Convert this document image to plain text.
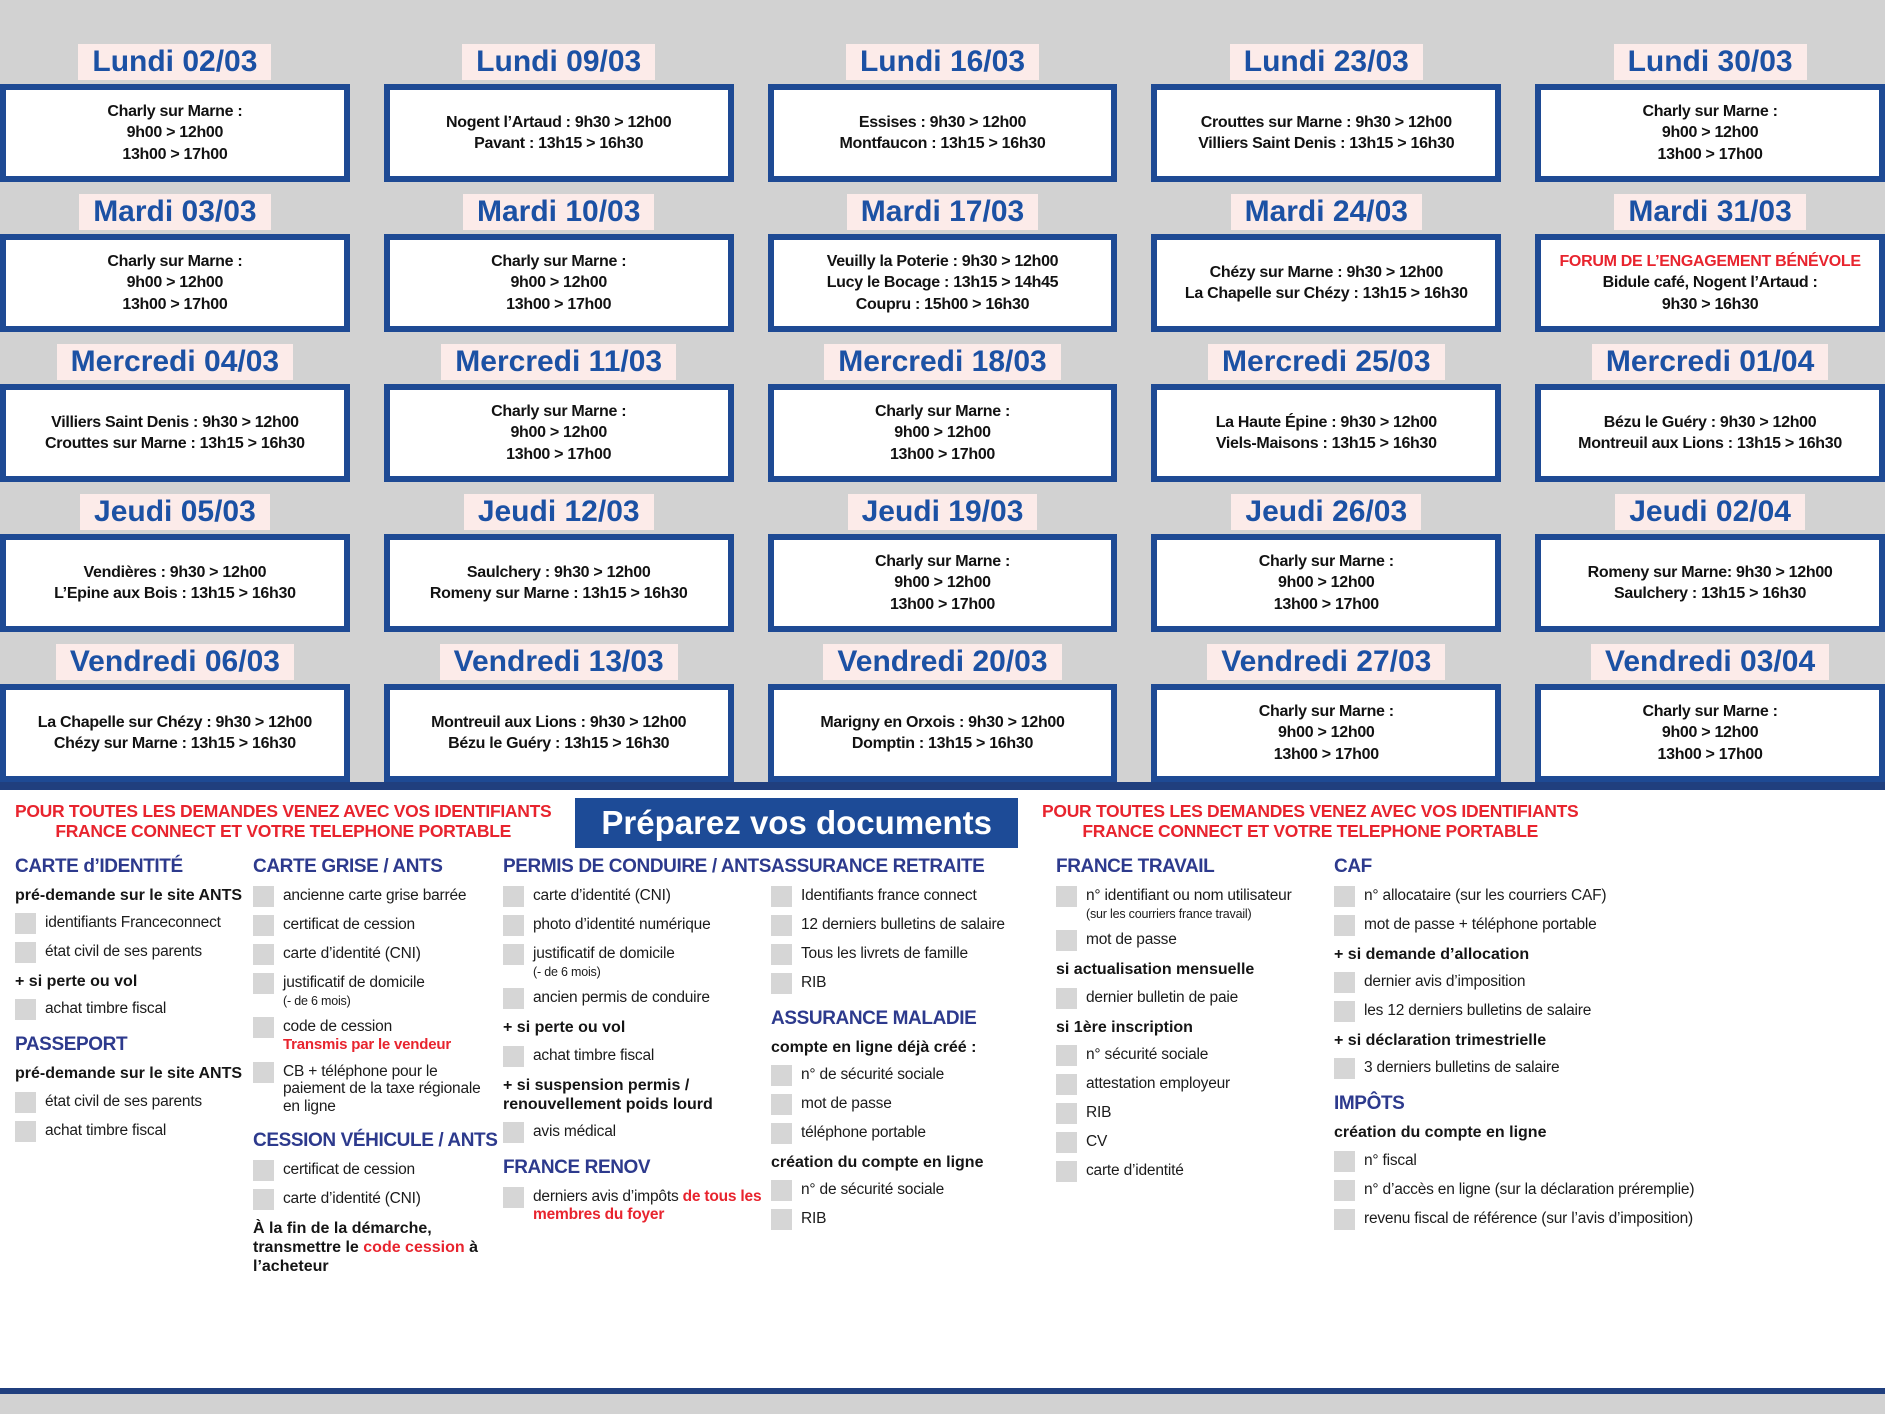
Lundi 02/03
Charly sur Marne :
9h00 > 12h00
13h00 > 17h00
Lundi 09/03
Nogent l’Artaud : 9h30 > 12h00
Pavant : 13h15 > 16h30
Lundi 16/03
Essises : 9h30 > 12h00
Montfaucon : 13h15 > 16h30
Lundi 23/03
Crouttes sur Marne : 9h30 > 12h00
Villiers Saint Denis : 13h15 > 16h30
Lundi 30/03
Charly sur Marne :
9h00 > 12h00
13h00 > 17h00
Mardi 03/03
Charly sur Marne :
9h00 > 12h00
13h00 > 17h00
Mardi 10/03
Charly sur Marne :
9h00 > 12h00
13h00 > 17h00
Mardi 17/03
Veuilly la Poterie : 9h30 > 12h00
Lucy le Bocage : 13h15 > 14h45
Coupru : 15h00 > 16h30
Mardi 24/03
Chézy sur Marne : 9h30 > 12h00
La Chapelle sur Chézy : 13h15 > 16h30
Mardi 31/03
FORUM DE L’ENGAGEMENT BÉNÉVOLE
Bidule café, Nogent l’Artaud :
9h30 > 16h30
Mercredi 04/03
Villiers Saint Denis : 9h30 > 12h00
Crouttes sur Marne : 13h15 > 16h30
Mercredi 11/03
Charly sur Marne :
9h00 > 12h00
13h00 > 17h00
Mercredi 18/03
Charly sur Marne :
9h00 > 12h00
13h00 > 17h00
Mercredi 25/03
La Haute Épine : 9h30 > 12h00
Viels-Maisons : 13h15 > 16h30
Mercredi 01/04
Bézu le Guéry : 9h30 > 12h00
Montreuil aux Lions : 13h15 > 16h30
Jeudi 05/03
Vendières : 9h30 > 12h00
L’Epine aux Bois : 13h15 > 16h30
Jeudi 12/03
Saulchery : 9h30 > 12h00
Romeny sur Marne : 13h15 > 16h30
Jeudi 19/03
Charly sur Marne :
9h00 > 12h00
13h00 > 17h00
Jeudi 26/03
Charly sur Marne :
9h00 > 12h00
13h00 > 17h00
Jeudi 02/04
Romeny sur Marne: 9h30 > 12h00
Saulchery : 13h15 > 16h30
Vendredi 06/03
La Chapelle sur Chézy : 9h30 > 12h00
Chézy sur Marne : 13h15 > 16h30
Vendredi 13/03
Montreuil aux Lions : 9h30 > 12h00
Bézu le Guéry : 13h15 > 16h30
Vendredi 20/03
Marigny en Orxois : 9h30 > 12h00
Domptin : 13h15 > 16h30
Vendredi 27/03
Charly sur Marne :
9h00 > 12h00
13h00 > 17h00
Vendredi 03/04
Charly sur Marne :
9h00 > 12h00
13h00 > 17h00
POUR TOUTES LES DEMANDES VENEZ AVEC VOS IDENTIFIANTS
FRANCE CONNECT ET VOTRE TELEPHONE PORTABLE	Préparez vos documents	POUR TOUTES LES DEMANDES VENEZ AVEC VOS IDENTIFIANTS
FRANCE CONNECT ET VOTRE TELEPHONE PORTABLE
CARTE d’IDENTITÉ
pré-demande sur le site ANTS
identifiants Franceconnect
état civil de ses parents
+ si perte ou vol
achat timbre fiscal
PASSEPORT
pré-demande sur le site ANTS
état civil de ses parents
achat timbre fiscal
CARTE GRISE / ANTS
ancienne carte grise barrée
certificat de cession
carte d’identité (CNI)
justificatif de domicile
(- de 6 mois)
code de cession
Transmis par le vendeur
CB + téléphone pour le paiement de la taxe régionale en ligne
CESSION VÉHICULE / ANTS
certificat de cession
carte d’identité (CNI)
À la fin de la démarche, transmettre le code cession à l’acheteur
PERMIS DE CONDUIRE / ANTS
carte d’identité (CNI)
photo d’identité numérique
justificatif de domicile
(- de 6 mois)
ancien permis de conduire
+ si perte ou vol
achat timbre fiscal
+ si suspension permis / renouvellement poids lourd
avis médical
FRANCE RENOV
derniers avis d’impôts de tous les membres du foyer
ASSURANCE RETRAITE
Identifiants france connect
12 derniers bulletins de salaire
Tous les livrets de famille
RIB
ASSURANCE MALADIE
compte en ligne déjà créé :
n° de sécurité sociale
mot de passe
téléphone portable
création du compte en ligne
n° de sécurité sociale
RIB
FRANCE TRAVAIL
n° identifiant ou nom utilisateur
(sur les courriers france travail)
mot de passe
si actualisation mensuelle
dernier bulletin de paie
si 1ère inscription
n° sécurité sociale
attestation employeur
RIB
CV
carte d’identité
CAF
n° allocataire (sur les courriers CAF)
mot de passe + téléphone portable
+ si demande d’allocation
dernier avis d’imposition
les 12 derniers bulletins de salaire
+ si déclaration trimestrielle
3 derniers bulletins de salaire
IMPÔTS
création du compte en ligne
n° fiscal
n° d’accès en ligne (sur la déclaration préremplie)
revenu fiscal de référence (sur l’avis d’imposition)
